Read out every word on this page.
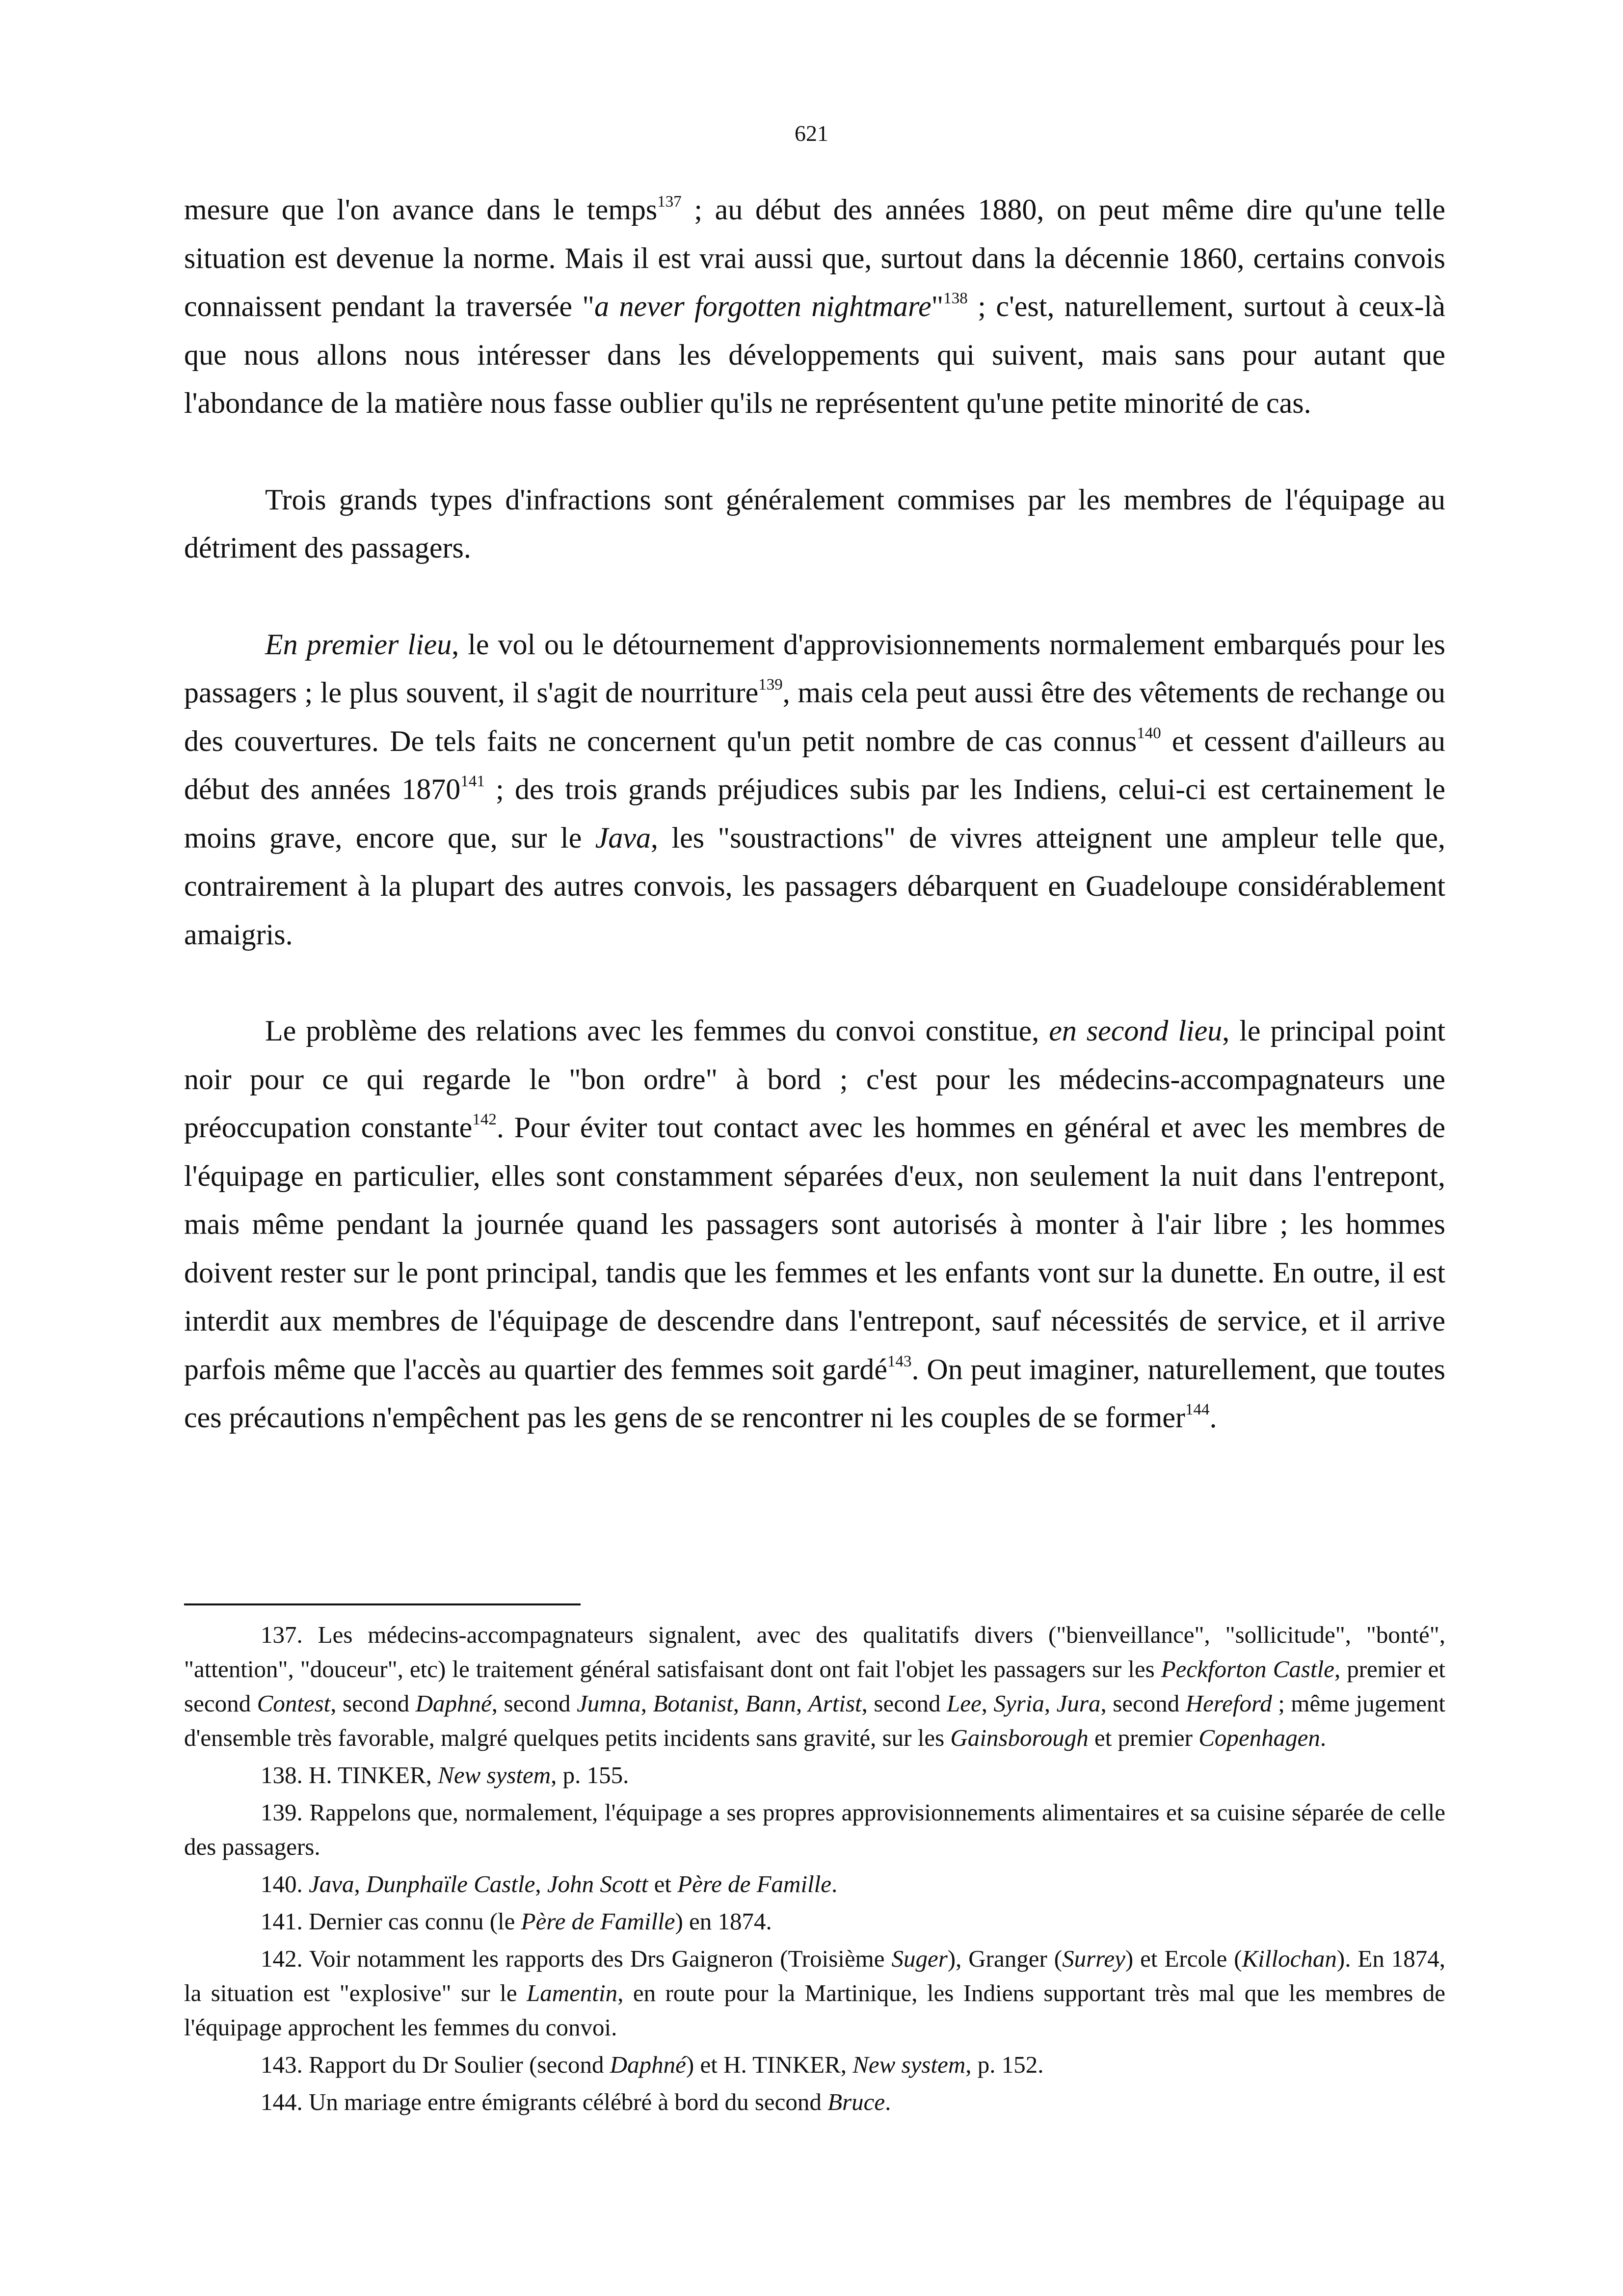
621

mesure que l'on avance dans le temps$^{137}$ ; au début des années 1880, on peut même dire qu'une telle situation est devenue la norme. Mais il est vrai aussi que, surtout dans la décennie 1860, certains convois connaissent pendant la traversée "a never forgotten nightmare"$^{138}$ ; c'est, naturellement, surtout à ceux-là que nous allons nous intéresser dans les développements qui suivent, mais sans pour autant que l'abondance de la matière nous fasse oublier qu'ils ne représentent qu'une petite minorité de cas.

Trois grands types d'infractions sont généralement commises par les membres de l'équipage au détriment des passagers.

En premier lieu, le vol ou le détournement d'approvisionnements normalement embarqués pour les passagers ; le plus souvent, il s'agit de nourriture$^{139}$, mais cela peut aussi être des vêtements de rechange ou des couvertures. De tels faits ne concernent qu'un petit nombre de cas connus$^{140}$ et cessent d'ailleurs au début des années 1870$^{141}$ ; des trois grands préjudices subis par les Indiens, celui-ci est certainement le moins grave, encore que, sur le Java, les "soustractions" de vivres atteignent une ampleur telle que, contrairement à la plupart des autres convois, les passagers débarquent en Guadeloupe considérablement amaigris.

Le problème des relations avec les femmes du convoi constitue, en second lieu, le principal point noir pour ce qui regarde le "bon ordre" à bord ; c'est pour les médecins-accompagnateurs une préoccupation constante$^{142}$. Pour éviter tout contact avec les hommes en général et avec les membres de l'équipage en particulier, elles sont constamment séparées d'eux, non seulement la nuit dans l'entrepont, mais même pendant la journée quand les passagers sont autorisés à monter à l'air libre ; les hommes doivent rester sur le pont principal, tandis que les femmes et les enfants vont sur la dunette. En outre, il est interdit aux membres de l'équipage de descendre dans l'entrepont, sauf nécessités de service, et il arrive parfois même que l'accès au quartier des femmes soit gardé$^{143}$. On peut imaginer, naturellement, que toutes ces précautions n'empêchent pas les gens de se rencontrer ni les couples de se former$^{144}$.

137. Les médecins-accompagnateurs signalent, avec des qualitatifs divers ("bienveillance", "sollicitude", "bonté", "attention", "douceur", etc) le traitement général satisfaisant dont ont fait l'objet les passagers sur les Peckforton Castle, premier et second Contest, second Daphné, second Jumna, Botanist, Bann, Artist, second Lee, Syria, Jura, second Hereford ; même jugement d'ensemble très favorable, malgré quelques petits incidents sans gravité, sur les Gainsborough et premier Copenhagen.

138. H. TINKER, New system, p. 155.

139. Rappelons que, normalement, l'équipage a ses propres approvisionnements alimentaires et sa cuisine séparée de celle des passagers.

140. Java, Dunphaïle Castle, John Scott et Père de Famille.

141. Dernier cas connu (le Père de Famille) en 1874.

142. Voir notamment les rapports des Drs Gaigneron (Troisième Suger), Granger (Surrey) et Ercole (Killochan). En 1874, la situation est "explosive" sur le Lamentin, en route pour la Martinique, les Indiens supportant très mal que les membres de l'équipage approchent les femmes du convoi.

143. Rapport du Dr Soulier (second Daphné) et H. TINKER, New system, p. 152.

144. Un mariage entre émigrants célébré à bord du second Bruce.
